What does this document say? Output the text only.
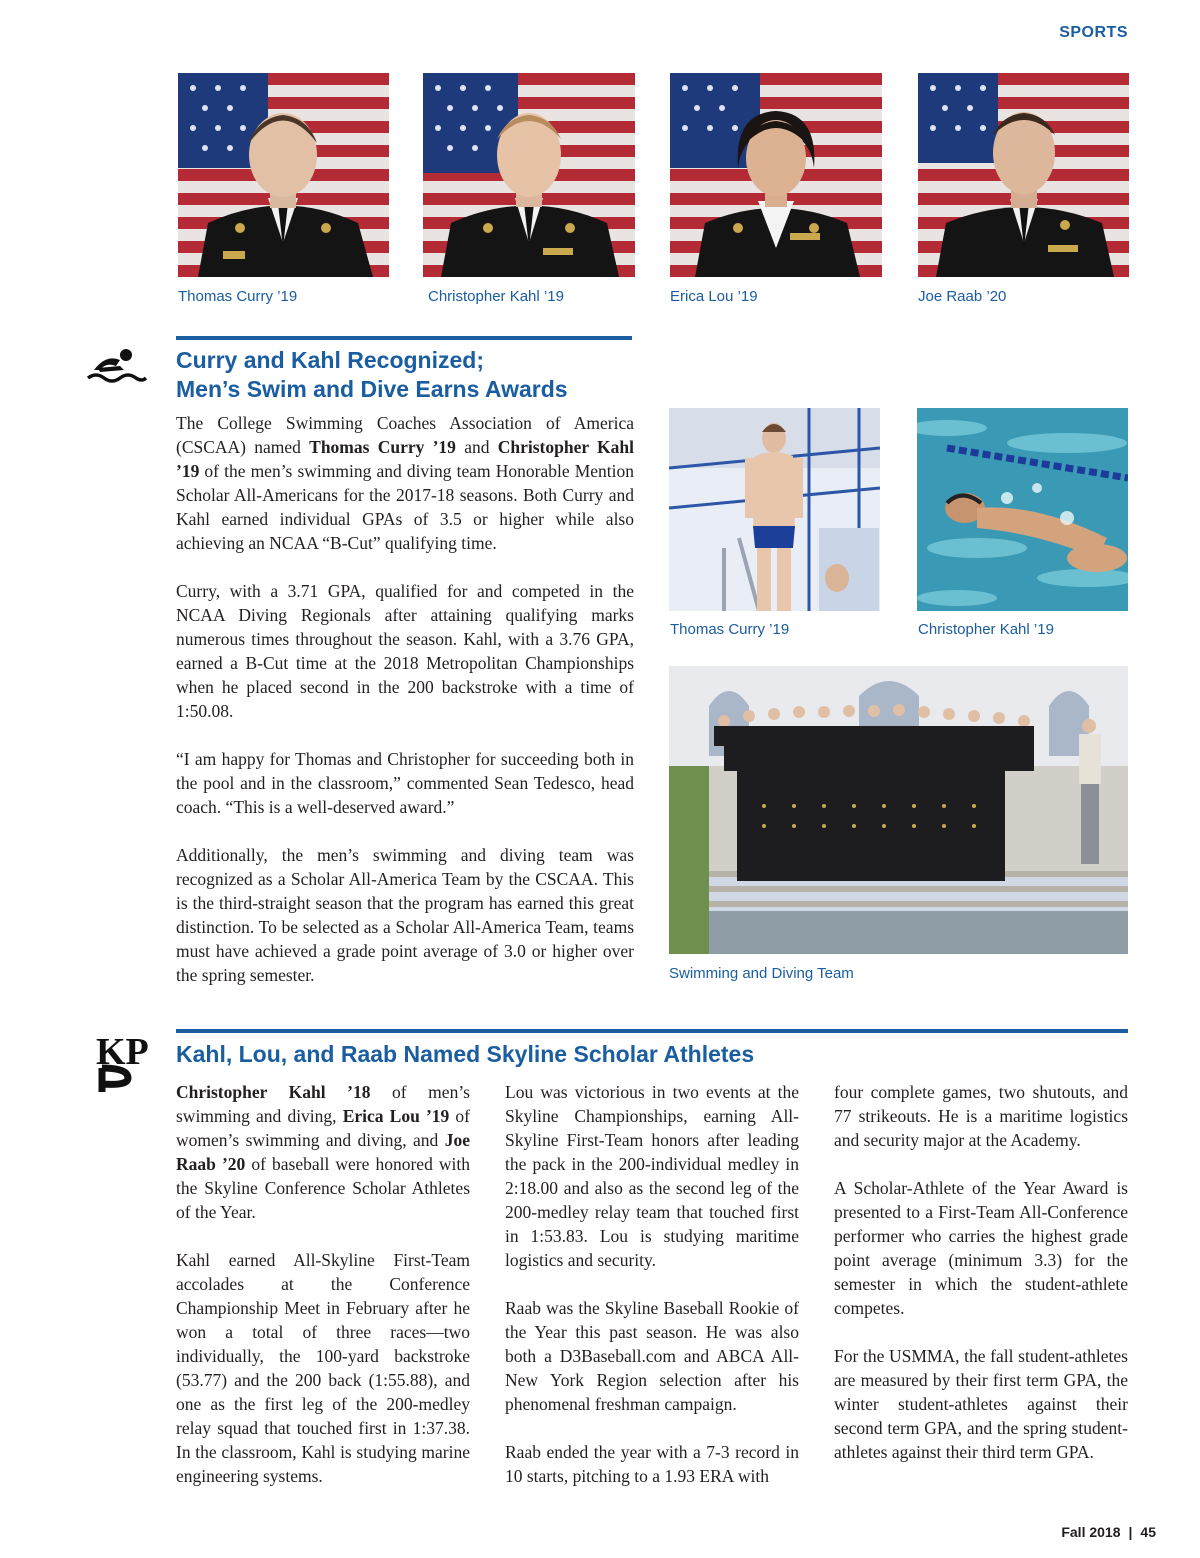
SPORTS
Thomas Curry ’19	Christopher Kahl ’19	Erica Lou ’19	Joe Raab ’20
Curry and Kahl Recognized;
Men’s Swim and Dive Earns Awards

The College Swimming Coaches Association of America (CSCAA) named Thomas Curry ’19 and Christopher Kahl ’19 of the men’s swimming and diving team Honorable Mention Scholar All-Americans for the 2017-18 seasons. Both Curry and Kahl earned individual GPAs of 3.5 or higher while also achieving an NCAA “B-Cut” qualifying time.

Curry, with a 3.71 GPA, qualified for and competed in the NCAA Diving Regionals after attaining qualifying marks numerous times throughout the season. Kahl, with a 3.76 GPA, earned a B-Cut time at the 2018 Metropolitan Championships when he placed second in the 200 backstroke with a time of 1:50.08.

“I am happy for Thomas and Christopher for succeeding both in the pool and in the classroom,” commented Sean Tedesco, head coach. “This is a well-deserved award.”

Additionally, the men’s swimming and diving team was recognized as a Scholar All-America Team by the CSCAA. This is the third-straight season that the program has earned this great distinction. To be selected as a Scholar All-America Team, teams must have achieved a grade point average of 3.0 or higher over the spring semester.

Thomas Curry ’19	Christopher Kahl ’19
Swimming and Diving Team
KP Kahl, Lou, and Raab Named Skyline Scholar Athletes

Christopher Kahl ’18 of men’s swimming and diving, Erica Lou ’19 of women’s swimming and diving, and Joe Raab ’20 of baseball were honored with the Skyline Conference Scholar Athletes of the Year.

Kahl earned All-Skyline First-Team accolades at the Conference Championship Meet in February after he won a total of three races—two individually, the 100-yard backstroke (53.77) and the 200 back (1:55.88), and one as the first leg of the 200-medley relay squad that touched first in 1:37.38. In the classroom, Kahl is studying marine engineering systems.

Lou was victorious in two events at the Skyline Championships, earning All-Skyline First-Team honors after leading the pack in the 200-individual medley in 2:18.00 and also as the second leg of the 200-medley relay team that touched first in 1:53.83. Lou is studying maritime logistics and security.

Raab was the Skyline Baseball Rookie of the Year this past season. He was also both a D3Baseball.com and ABCA All-New York Region selection after his phenomenal freshman campaign.

Raab ended the year with a 7-3 record in 10 starts, pitching to a 1.93 ERA with

four complete games, two shutouts, and 77 strikeouts. He is a maritime logistics and security major at the Academy.

A Scholar-Athlete of the Year Award is presented to a First-Team All-Conference performer who carries the highest grade point average (minimum 3.3) for the semester in which the student-athlete competes.

For the USMMA, the fall student-athletes are measured by their first term GPA, the winter student-athletes against their second term GPA, and the spring student-athletes against their third term GPA.

Fall 2018 | 45
